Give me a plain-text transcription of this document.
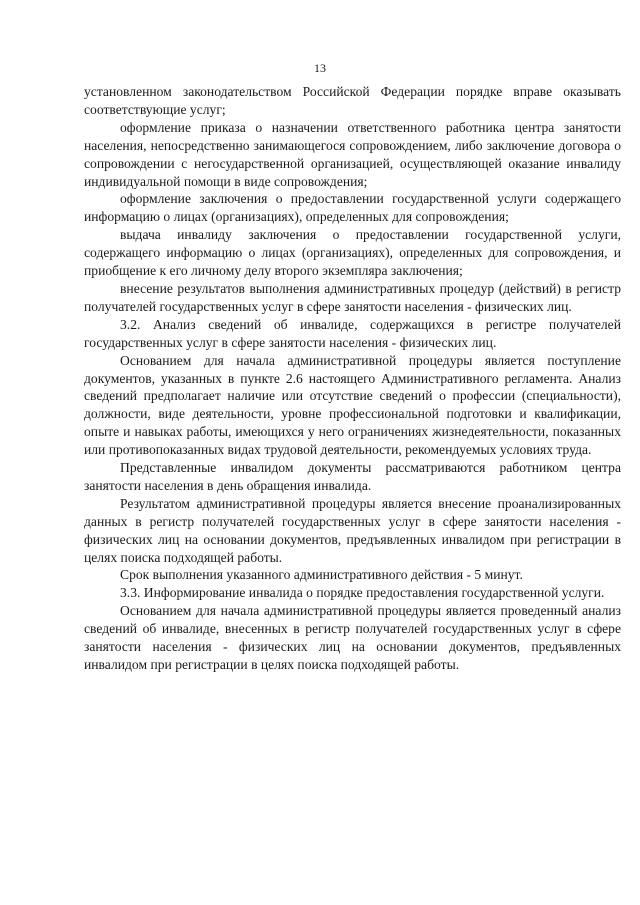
13

установленном законодательством Российской Федерации порядке вправе оказывать соответствующие услуг;

оформление приказа о назначении ответственного работника центра занятости населения, непосредственно занимающегося сопровождением, либо заключение договора о сопровождении с негосударственной организацией, осуществляющей оказание инвалиду индивидуальной помощи в виде сопровождения;

оформление заключения о предоставлении государственной услуги содержащего информацию о лицах (организациях), определенных для сопровождения;

выдача инвалиду заключения о предоставлении государственной услуги, содержащего информацию о лицах (организациях), определенных для сопровождения, и приобщение к его личному делу второго экземпляра заключения;

внесение результатов выполнения административных процедур (действий) в регистр получателей государственных услуг в сфере занятости населения - физических лиц.

3.2. Анализ сведений об инвалиде, содержащихся в регистре получателей государственных услуг в сфере занятости населения - физических лиц.

Основанием для начала административной процедуры является поступление документов, указанных в пункте 2.6 настоящего Административного регламента. Анализ сведений предполагает наличие или отсутствие сведений о профессии (специальности), должности, виде деятельности, уровне профессиональной подготовки и квалификации, опыте и навыках работы, имеющихся у него ограничениях жизнедеятельности, показанных или противопоказанных видах трудовой деятельности, рекомендуемых условиях труда.

Представленные инвалидом документы рассматриваются работником центра занятости населения в день обращения инвалида.

Результатом административной процедуры является внесение проанализированных данных в регистр получателей государственных услуг в сфере занятости населения - физических лиц на основании документов, предъявленных инвалидом при регистрации в целях поиска подходящей работы.

Срок выполнения указанного административного действия - 5 минут.

3.3. Информирование инвалида о порядке предоставления государственной услуги.

Основанием для начала административной процедуры является проведенный анализ сведений об инвалиде, внесенных в регистр получателей государственных услуг в сфере занятости населения - физических лиц на основании документов, предъявленных инвалидом при регистрации в целях поиска подходящей работы.
